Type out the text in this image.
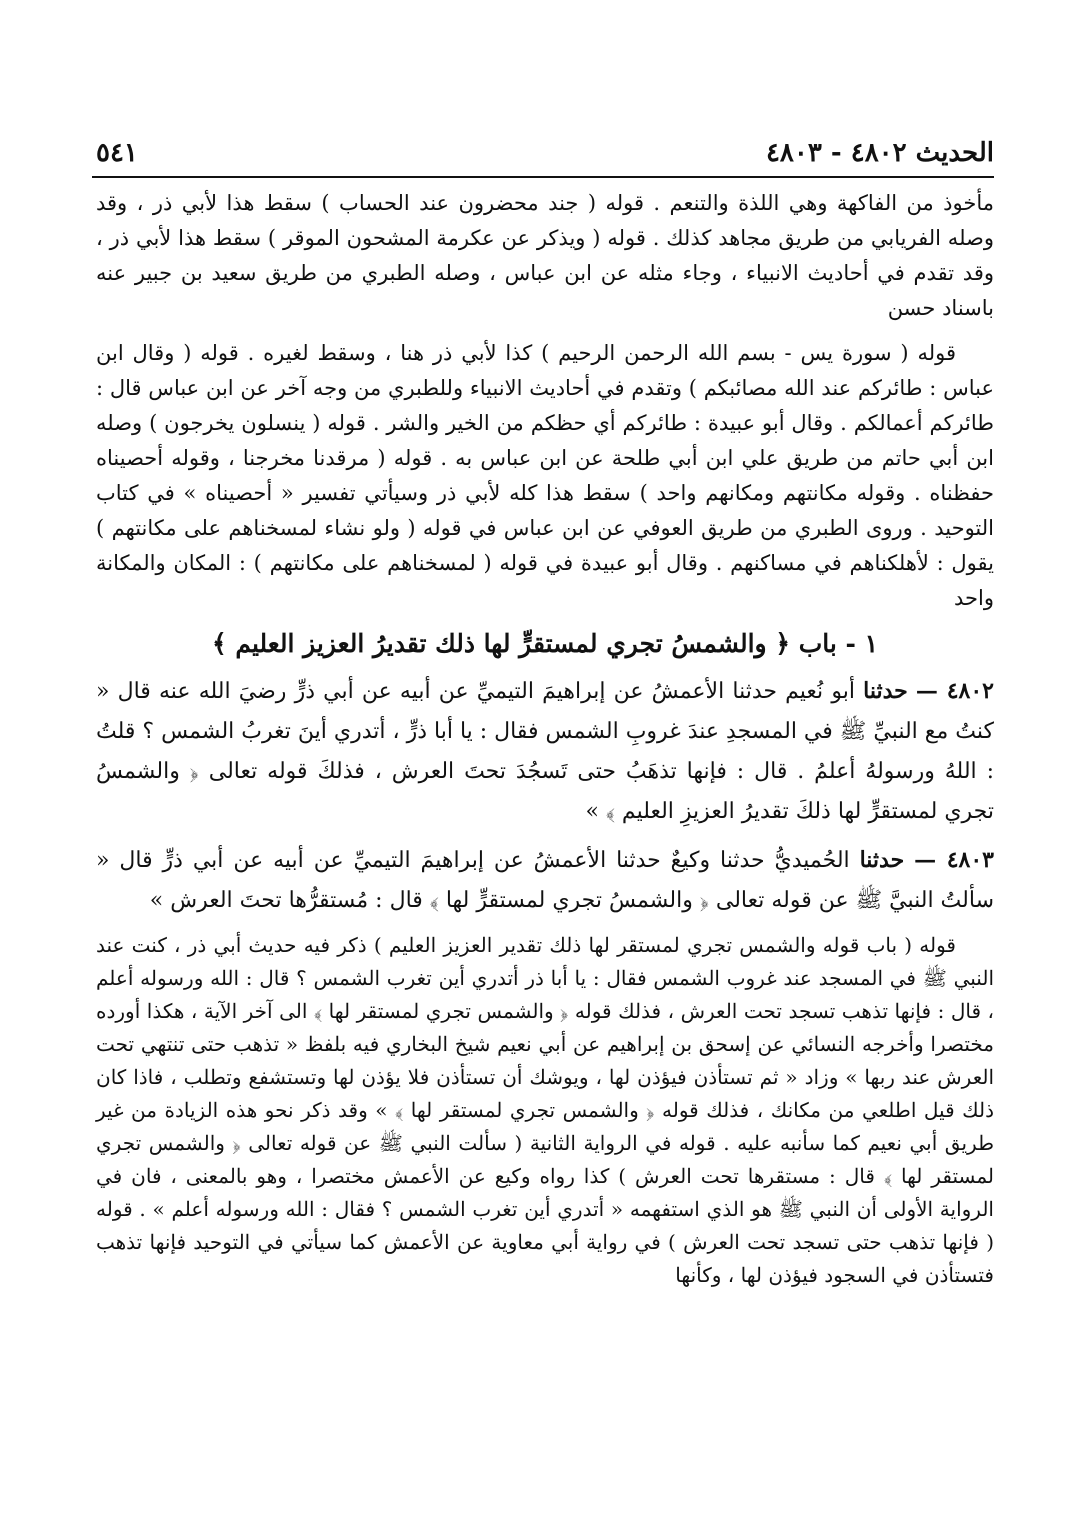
الحديث ٤٨٠٢ - ٤٨٠٣
٥٤١

مأخوذ من الفاكهة وهي اللذة والتنعم . قوله ( جند محضرون عند الحساب ) سقط هذا لأبي ذر ، وقد وصله الفريابي من طريق مجاهد كذلك . قوله ( ويذكر عن عكرمة المشحون الموقر ) سقط هذا لأبي ذر ، وقد تقدم في أحاديث الانبياء ، وجاء مثله عن ابن عباس ، وصله الطبري من طريق سعيد بن جبير عنه باسناد حسن

قوله ( سورة يس - بسم الله الرحمن الرحيم ) كذا لأبي ذر هنا ، وسقط لغيره . قوله ( وقال ابن عباس : طائركم عند الله مصائبكم ) وتقدم في أحاديث الانبياء وللطبري من وجه آخر عن ابن عباس قال : طائركم أعمالكم . وقال أبو عبيدة : طائركم أي حظكم من الخير والشر . قوله ( ينسلون يخرجون ) وصله ابن أبي حاتم من طريق علي ابن أبي طلحة عن ابن عباس به . قوله ( مرقدنا مخرجنا ، وقوله أحصيناه حفظناه . وقوله مكانتهم ومكانهم واحد ) سقط هذا كله لأبي ذر وسيأتي تفسير « أحصيناه » في كتاب التوحيد . وروى الطبري من طريق العوفي عن ابن عباس في قوله ( ولو نشاء لمسخناهم على مكانتهم ) يقول : لأهلكناهم في مساكنهم . وقال أبو عبيدة في قوله ( لمسخناهم على مكانتهم ) : المكان والمكانة واحد

١ - باب ﴿ والشمسُ تجري لمستقرٍّ لها ذلك تقديرُ العزيز العليم ﴾

٤٨٠٢ — حدثنا أبو نُعيم حدثنا الأعمشُ عن إبراهيمَ التيميِّ عن أبيه عن أبي ذرٍّ رضيَ الله عنه قال « كنتُ مع النبيِّ ﷺ في المسجدِ عندَ غروبِ الشمس فقال : يا أبا ذرٍّ ، أتدري أينَ تغربُ الشمس ؟ قلتُ : اللهُ ورسولهُ أعلمُ . قال : فإنها تذهَبُ حتى تَسجُدَ تحتَ العرش ، فذلكَ قوله تعالى ﴿ والشمسُ تجري لمستقرٍّ لها ذلكَ تقديرُ العزيزِ العليم ﴾ »

٤٨٠٣ — حدثنا الحُميديُّ حدثنا وكيعٌ حدثنا الأعمشُ عن إبراهيمَ التيميِّ عن أبيه عن أبي ذرٍّ قال « سألتُ النبيَّ ﷺ عن قوله تعالى ﴿ والشمسُ تجري لمستقرٍّ لها ﴾ قال : مُستقرُّها تحتَ العرش »

قوله ( باب قوله والشمس تجري لمستقر لها ذلك تقدير العزيز العليم ) ذكر فيه حديث أبي ذر ، كنت عند النبي ﷺ في المسجد عند غروب الشمس فقال : يا أبا ذر أتدري أين تغرب الشمس ؟ قال : الله ورسوله أعلم ، قال : فإنها تذهب تسجد تحت العرش ، فذلك قوله ﴿ والشمس تجري لمستقر لها ﴾ الى آخر الآية ، هكذا أورده مختصرا وأخرجه النسائي عن إسحق بن إبراهيم عن أبي نعيم شيخ البخاري فيه بلفظ « تذهب حتى تنتهي تحت العرش عند ربها » وزاد « ثم تستأذن فيؤذن لها ، ويوشك أن تستأذن فلا يؤذن لها وتستشفع وتطلب ، فاذا كان ذلك قيل اطلعي من مكانك ، فذلك قوله ﴿ والشمس تجري لمستقر لها ﴾ » وقد ذكر نحو هذه الزيادة من غير طريق أبي نعيم كما سأنبه عليه . قوله في الرواية الثانية ( سألت النبي ﷺ عن قوله تعالى ﴿ والشمس تجري لمستقر لها ﴾ قال : مستقرها تحت العرش ) كذا رواه وكيع عن الأعمش مختصرا ، وهو بالمعنى ، فان في الرواية الأولى أن النبي ﷺ هو الذي استفهمه « أتدري أين تغرب الشمس ؟ فقال : الله ورسوله أعلم » . قوله ( فإنها تذهب حتى تسجد تحت العرش ) في رواية أبي معاوية عن الأعمش كما سيأتي في التوحيد فإنها تذهب فتستأذن في السجود فيؤذن لها ، وكأنها
